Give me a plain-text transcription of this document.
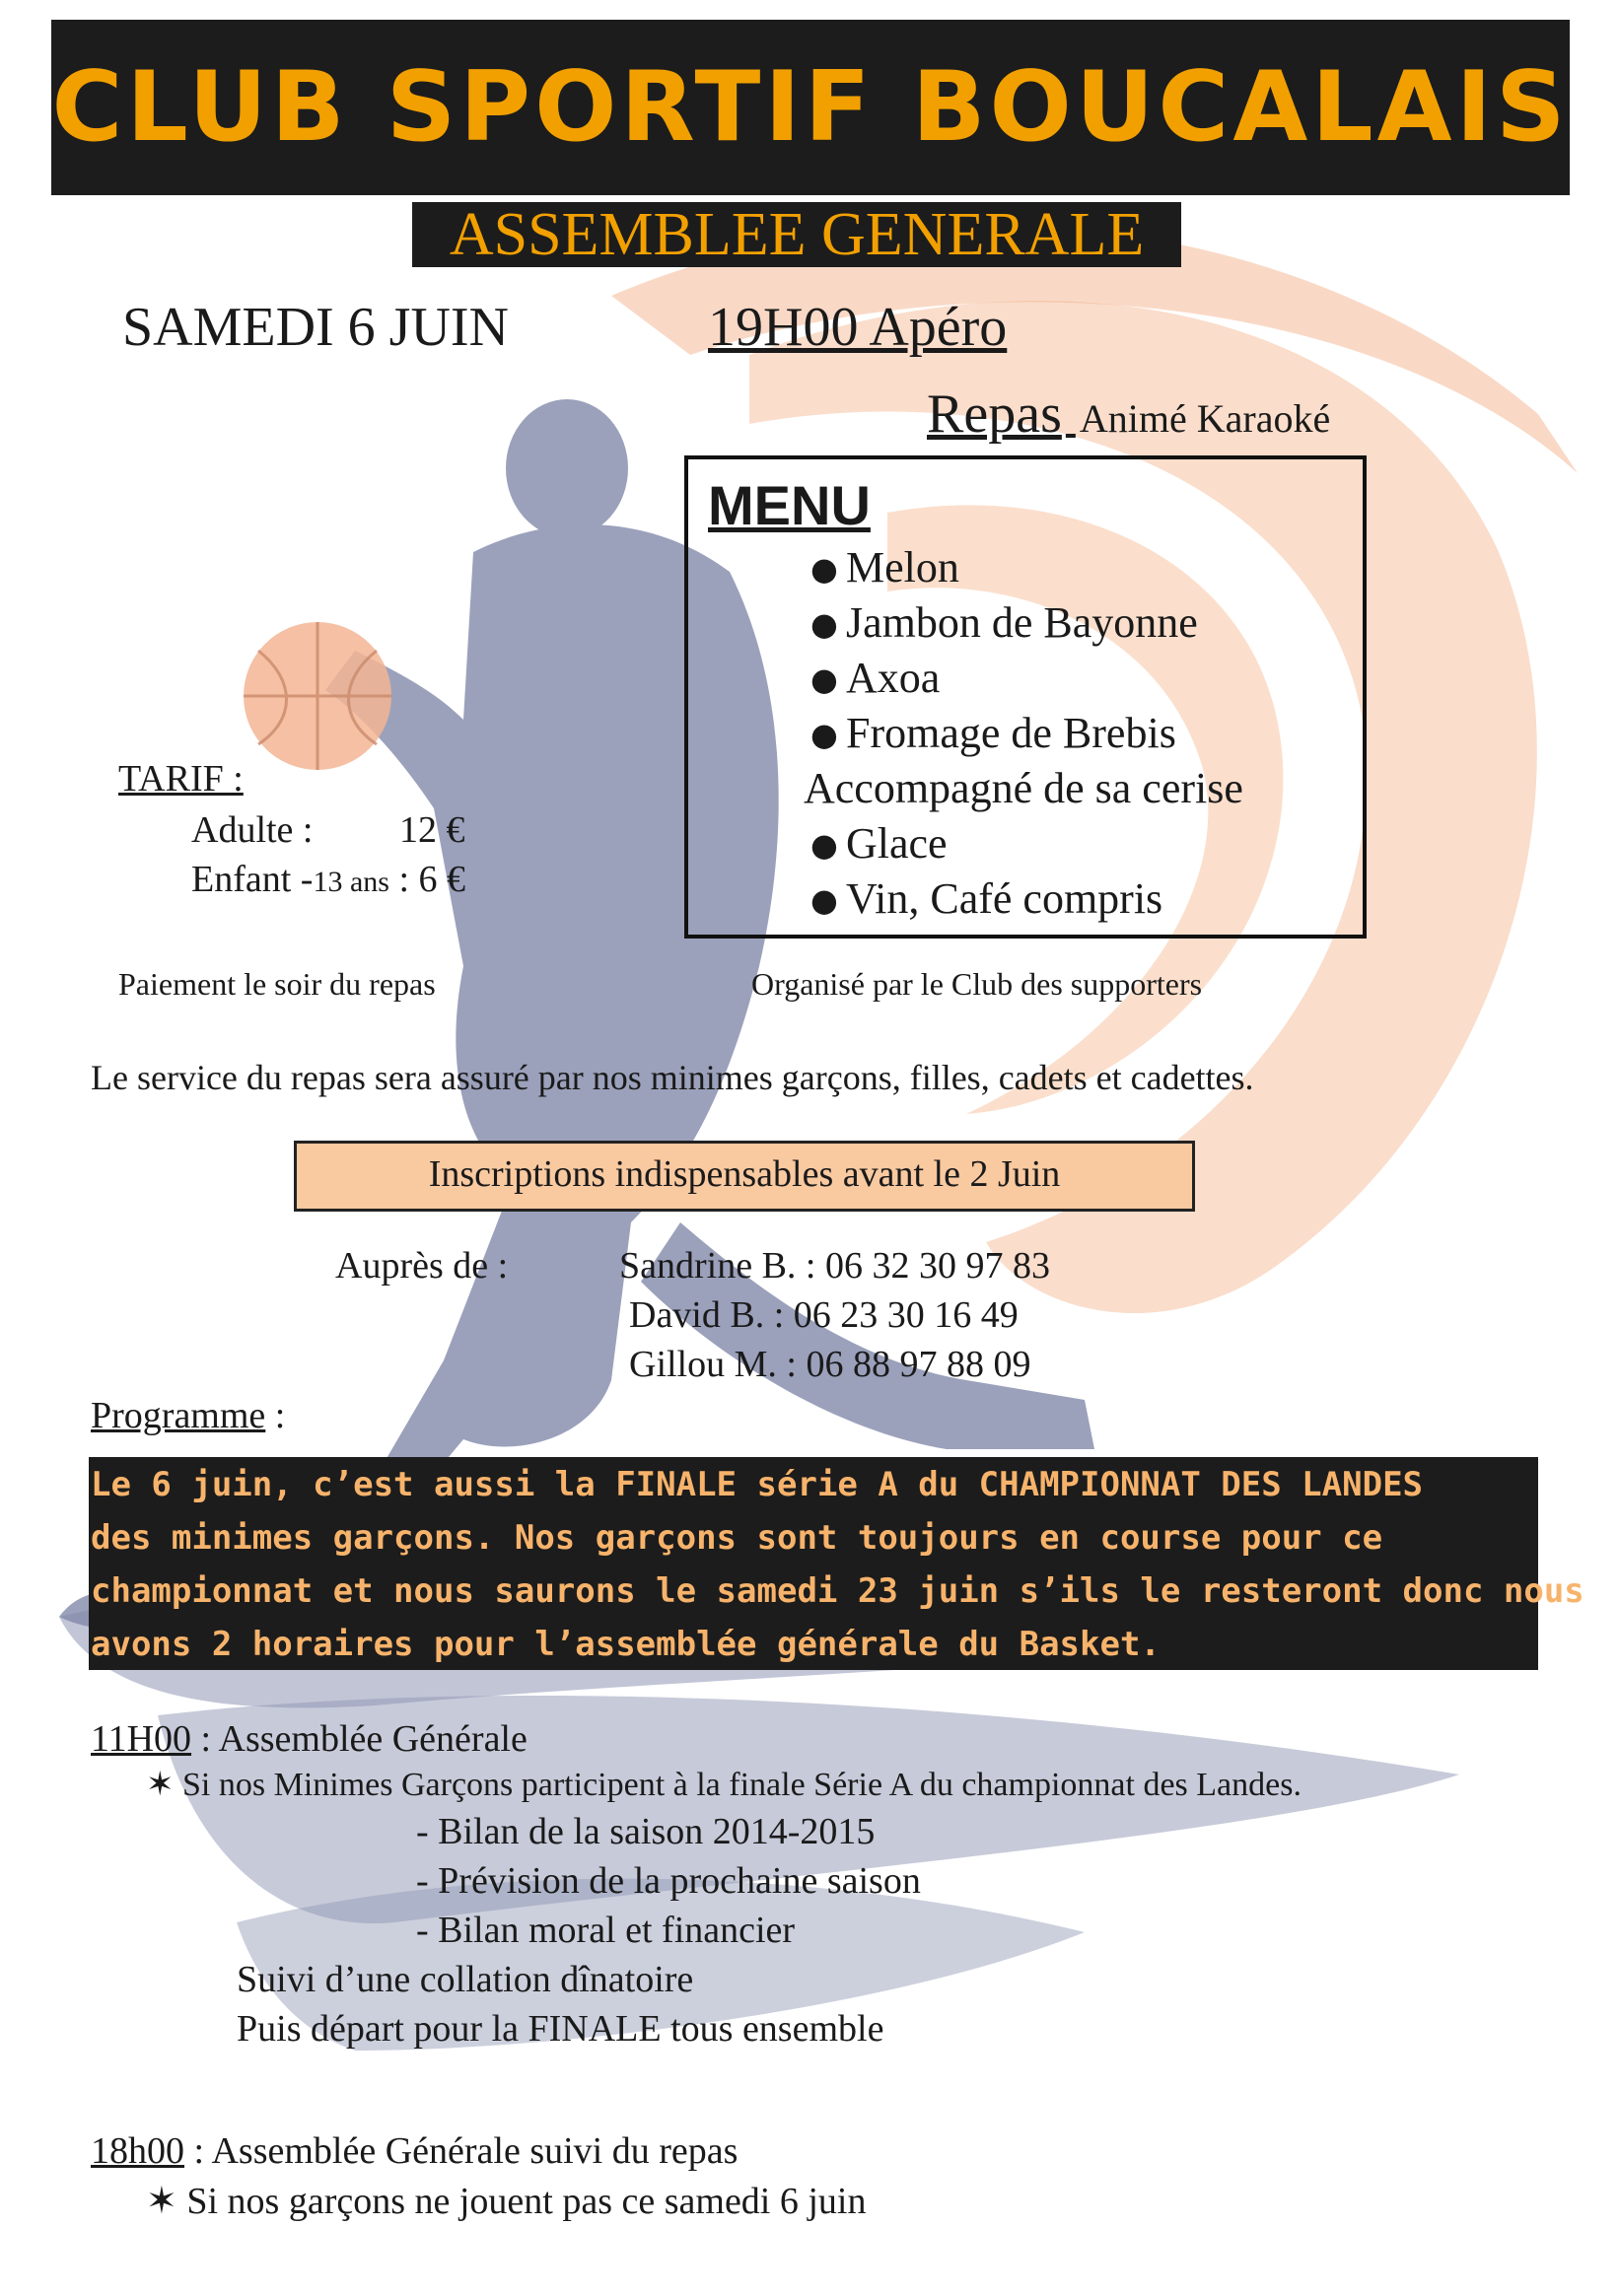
CLUB SPORTIF BOUCALAIS
ASSEMBLEE GENERALE
SAMEDI 6 JUIN	19H00 Apéro
Repas Animé Karaoké
MENU
● Melon
● Jambon de Bayonne
● Axoa
● Fromage de Brebis
Accompagné de sa cerise
● Glace
● Vin, Café compris
TARIF :
Adulte : 12 €
Enfant -13 ans : 6 €
Paiement le soir du repas	Organisé par le Club des supporters
Le service du repas sera assuré par nos minimes garçons, filles, cadets et cadettes.
Inscriptions indispensables avant le 2 Juin
Auprès de :	Sandrine B. : 06 32 30 97 83
David B. : 06 23 30 16 49
Gillou M. : 06 88 97 88 09
Programme :
Le 6 juin, c’est aussi la FINALE série A du CHAMPIONNAT DES LANDES
des minimes garçons. Nos garçons sont toujours en course pour ce
championnat et nous saurons le samedi 23 juin s’ils le resteront donc nous
avons 2 horaires pour l’assemblée générale du Basket.
11H00 : Assemblée Générale
✶ Si nos Minimes Garçons participent à la finale Série A du championnat des Landes.
- Bilan de la saison 2014-2015
- Prévision de la prochaine saison
- Bilan moral et financier
Suivi d’une collation dînatoire
Puis départ pour la FINALE tous ensemble
18h00 : Assemblée Générale suivi du repas
✶ Si nos garçons ne jouent pas ce samedi 6 juin
